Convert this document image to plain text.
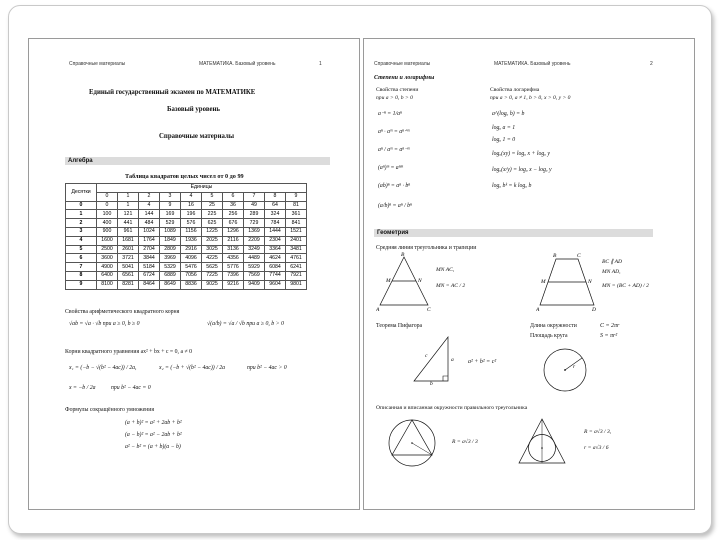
Справочные материалы	МАТЕМАТИКА. Базовый уровень	1
Единый государственный экзамен по МАТЕМАТИКЕ
Базовый уровень
Справочные материалы
Алгебра
Таблица квадратов целых чисел от 0 до 99
Десятки	Единицы									
	0	1	2	3	4	5	6	7	8	9
0	0	1	4	9	16	25	36	49	64	81
1	100	121	144	169	196	225	256	289	324	361
2	400	441	484	529	576	625	676	729	784	841
3	900	961	1024	1089	1156	1225	1296	1369	1444	1521
4	1600	1681	1764	1849	1936	2025	2116	2209	2304	2401
5	2500	2601	2704	2809	2916	3025	3136	3249	3364	3481
6	3600	3721	3844	3969	4096	4225	4356	4489	4624	4761
7	4900	5041	5184	5329	5476	5625	5776	5929	6084	6241
8	6400	6561	6724	6889	7056	7225	7396	7569	7744	7921
9	8100	8281	8464	8649	8836	9025	9216	9409	9604	9801
Свойства арифметического квадратного корня
√ab = √a · √b при a ≥ 0, b ≥ 0	√(a/b) = √a / √b при a ≥ 0, b > 0
Корни квадратного уравнения ax² + bx + c = 0, a ≠ 0
x₁ = (−b − √(b² − 4ac)) / 2a,	x₂ = (−b + √(b² − 4ac)) / 2a	при b² − 4ac > 0
x = −b / 2a	при b² − 4ac = 0
Формулы сокращённого умножения
(a + b)² = a² + 2ab + b²
(a − b)² = a² − 2ab + b²
a² − b² = (a + b)(a − b)
Справочные материалы	МАТЕМАТИКА. Базовый уровень	2
Степени и логарифмы
Свойства степени
при a > 0, b > 0
Свойства логарифма
при a > 0, a ≠ 1, b > 0, x > 0, y > 0
a⁻ⁿ = 1/aⁿ
aⁿ · aᵐ = aⁿ⁺ᵐ
aⁿ / aᵐ = aⁿ⁻ᵐ
(aⁿ)ᵐ = aⁿᵐ
(ab)ⁿ = aⁿ · bⁿ
(a/b)ⁿ = aⁿ / bⁿ
a^(logₐ b) = b
logₐ a = 1
logₐ 1 = 0
logₐ(xy) = logₐ x + logₐ y
logₐ(x/y) = logₐ x − logₐ y
logₐ bᵏ = k logₐ b
Геометрия
Средняя линия треугольника и трапеции
B
M	N
A	C
MN AC,
MN = AC / 2
B	C
M	N
A	D
BC ∥ AD
MN AD,
MN = (BC + AD) / 2
Теорема Пифагора
c
a
b
a² + b² = c²
Длина окружности
Площадь круга
C = 2πr
S = πr²
r
Описанная и вписанная окружности правильного треугольника
R = a√3 / 3
R = a√3 / 3,
r = a√3 / 6
